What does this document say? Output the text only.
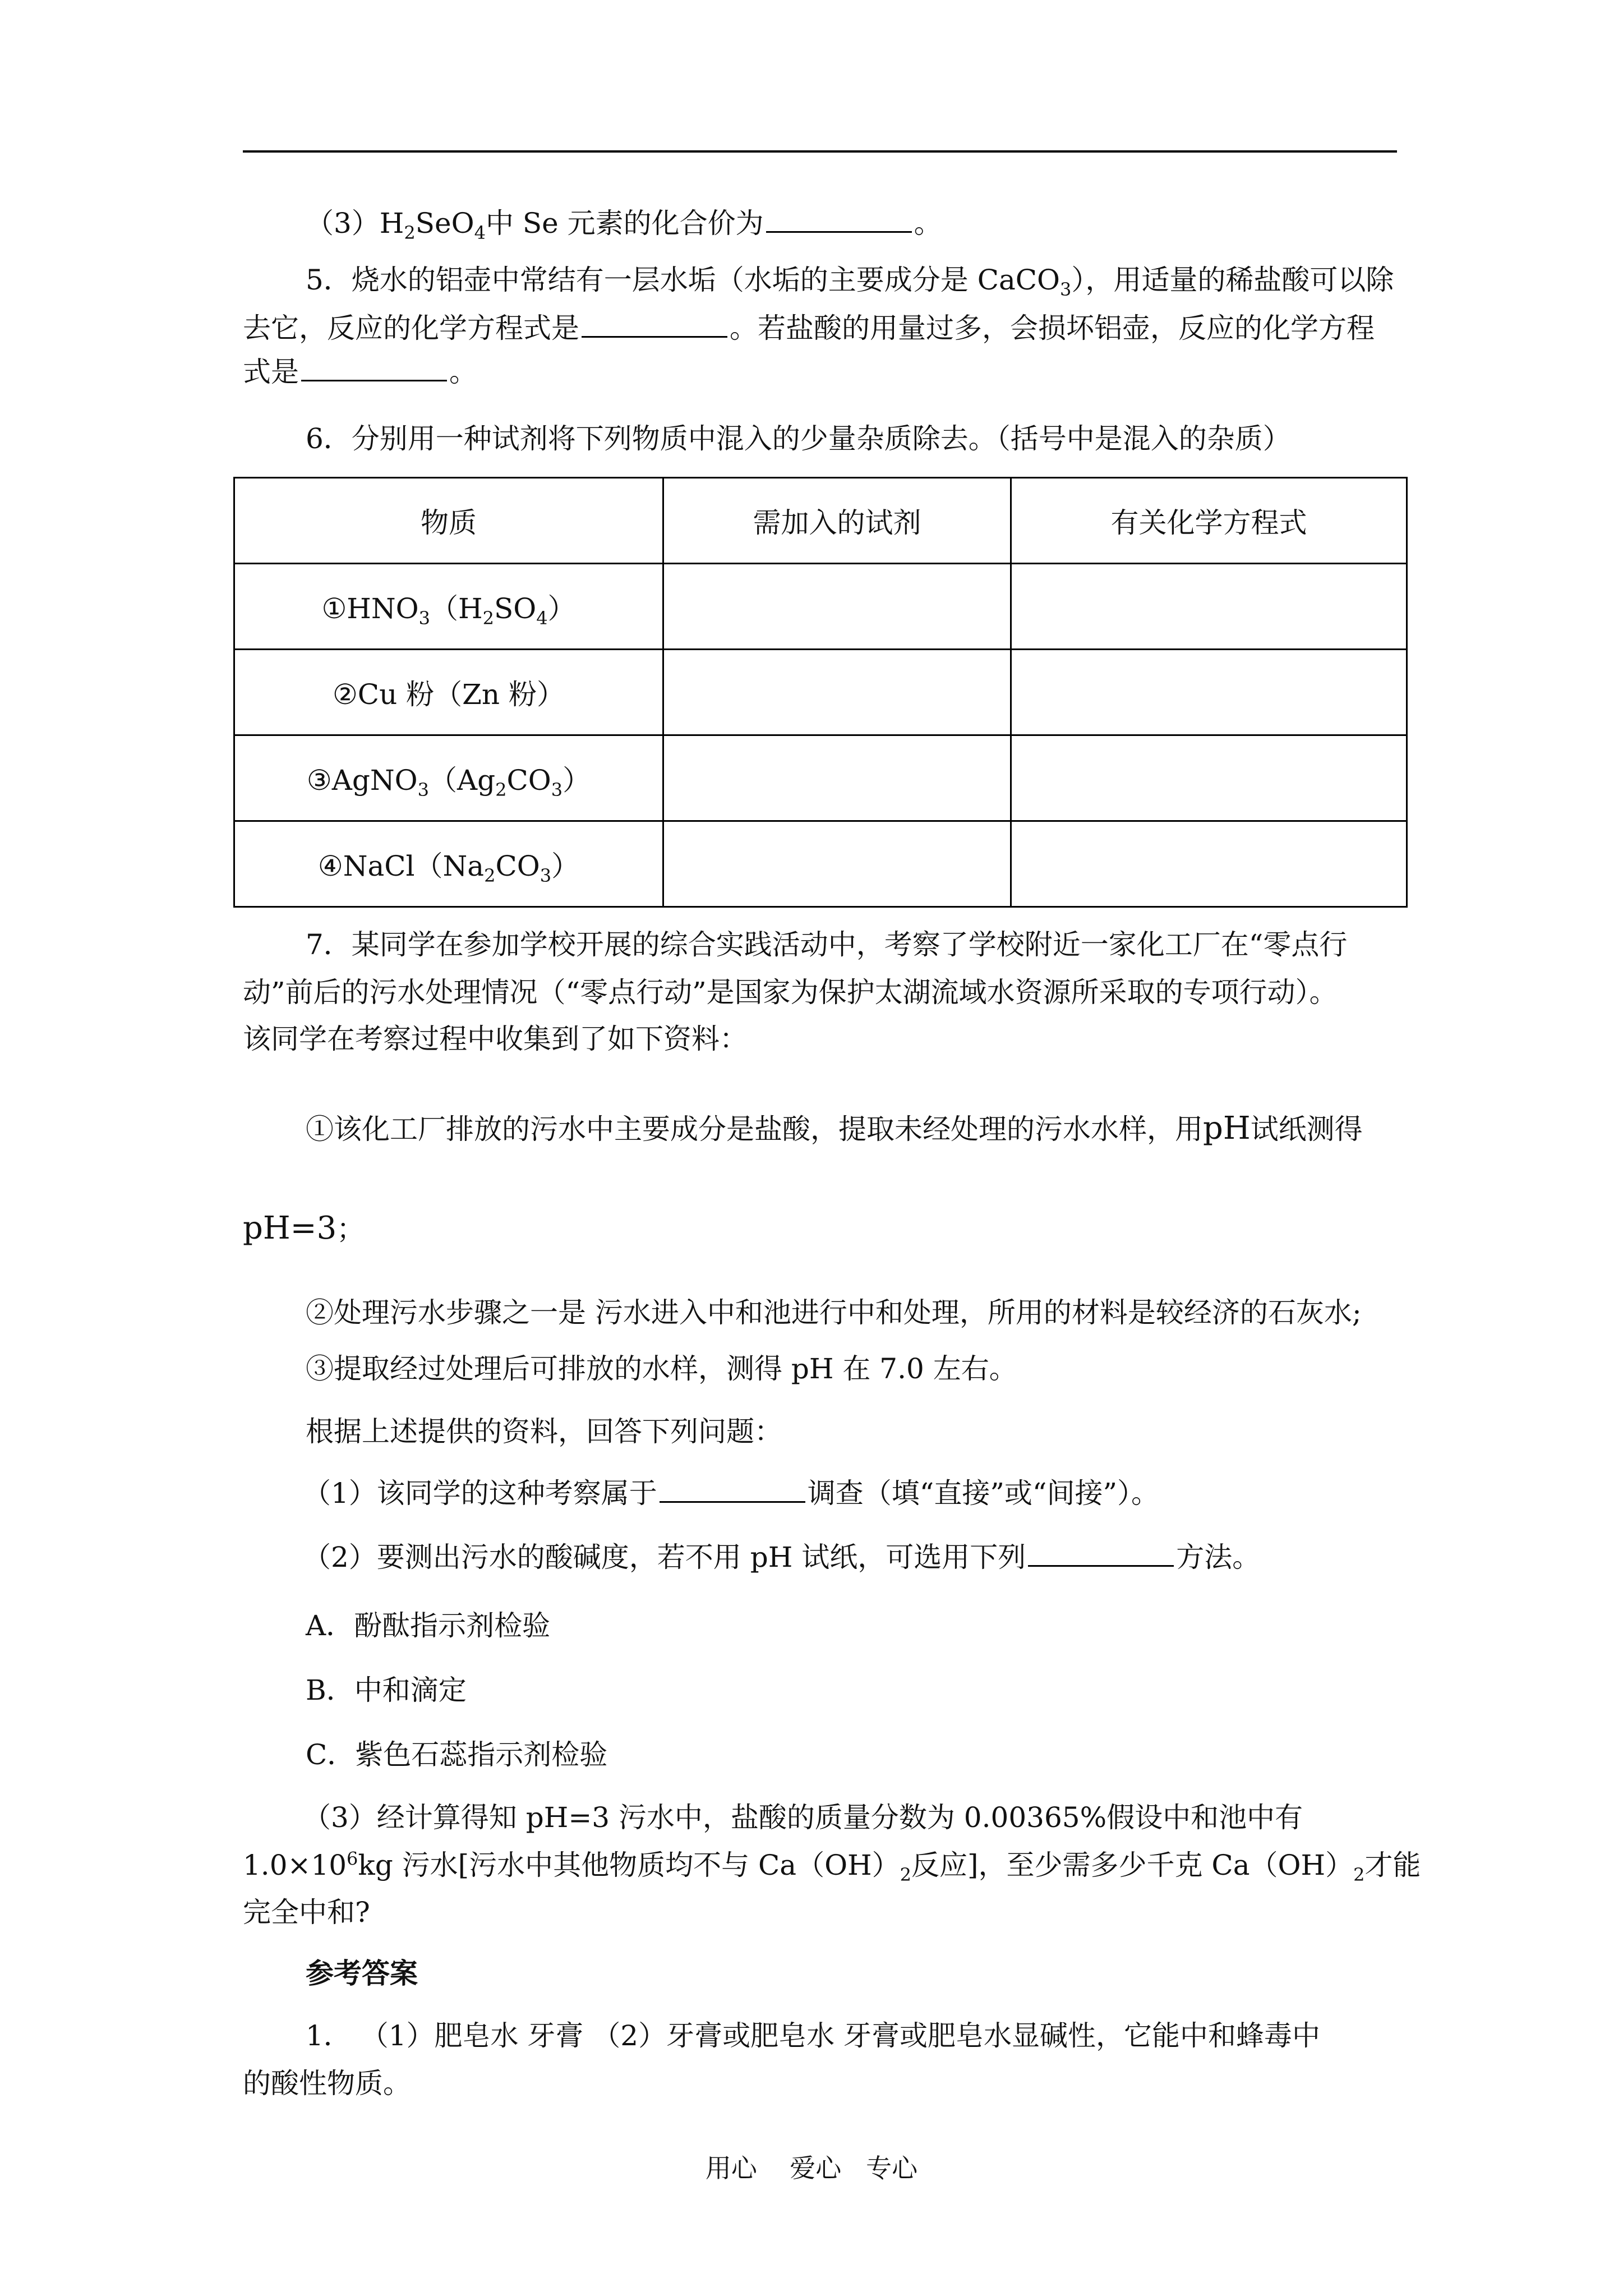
$(3)H_2SeO_4$中 Se 元素的化合价为	。
5．烧水的铝壶中常结有一层水垢（水垢的主要成分是 CaCO$_3$），用适量的稀盐酸可以除
去它，反应的化学方程式是	。若盐酸的用量过多，会损坏铝壶，反应的化学方程
式是	。
6．分别用一种试剂将下列物质中混入的少量杂质除去。（括号中是混入的杂质）
物质	需加入的试剂	有关化学方程式
$①HNO_3(H_2SO_4)$		
②Cu 粉（Zn 粉）		
$③AgNO_3(Ag_2CO_3)$		
$④NaCl(Na_2CO_3)$		
7．某同学在参加学校开展的综合实践活动中，考察了学校附近一家化工厂在“零点行
动”前后的污水处理情况（“零点行动”是国家为保护太湖流域水资源所采取的专项行动）。
该同学在考察过程中收集到了如下资料：
①该化工厂排放的污水中主要成分是盐酸，提取未经处理的污水水样，用pH试纸测得
pH=3；
②处理污水步骤之一是 污水进入中和池进行中和处理，所用的材料是较经济的石灰水;
③提取经过处理后可排放的水样，测得 pH 在 7.0 左右。
根据上述提供的资料，回答下列问题：
（1）该同学的这种考察属于	调查（填“直接”或“间接”）。
（2）要测出污水的酸碱度，若不用 pH 试纸，可选用下列	方法。
A．酚酞指示剂检验
B．中和滴定
C．紫色石蕊指示剂检验
（3）经计算得知 pH=3 污水中，盐酸的质量分数为 0.00365%假设中和池中有
$1.0\times 10^6kg$ 污水[污水中其他物质均不与 $Ca(OH)_2$反应]，至少需多少千克 $Ca(OH)_2$才能
完全中和?
参考答案
1． （1）肥皂水 牙膏 （2）牙膏或肥皂水 牙膏或肥皂水显碱性，它能中和蜂毒中
的酸性物质。
用心    爱心   专心
